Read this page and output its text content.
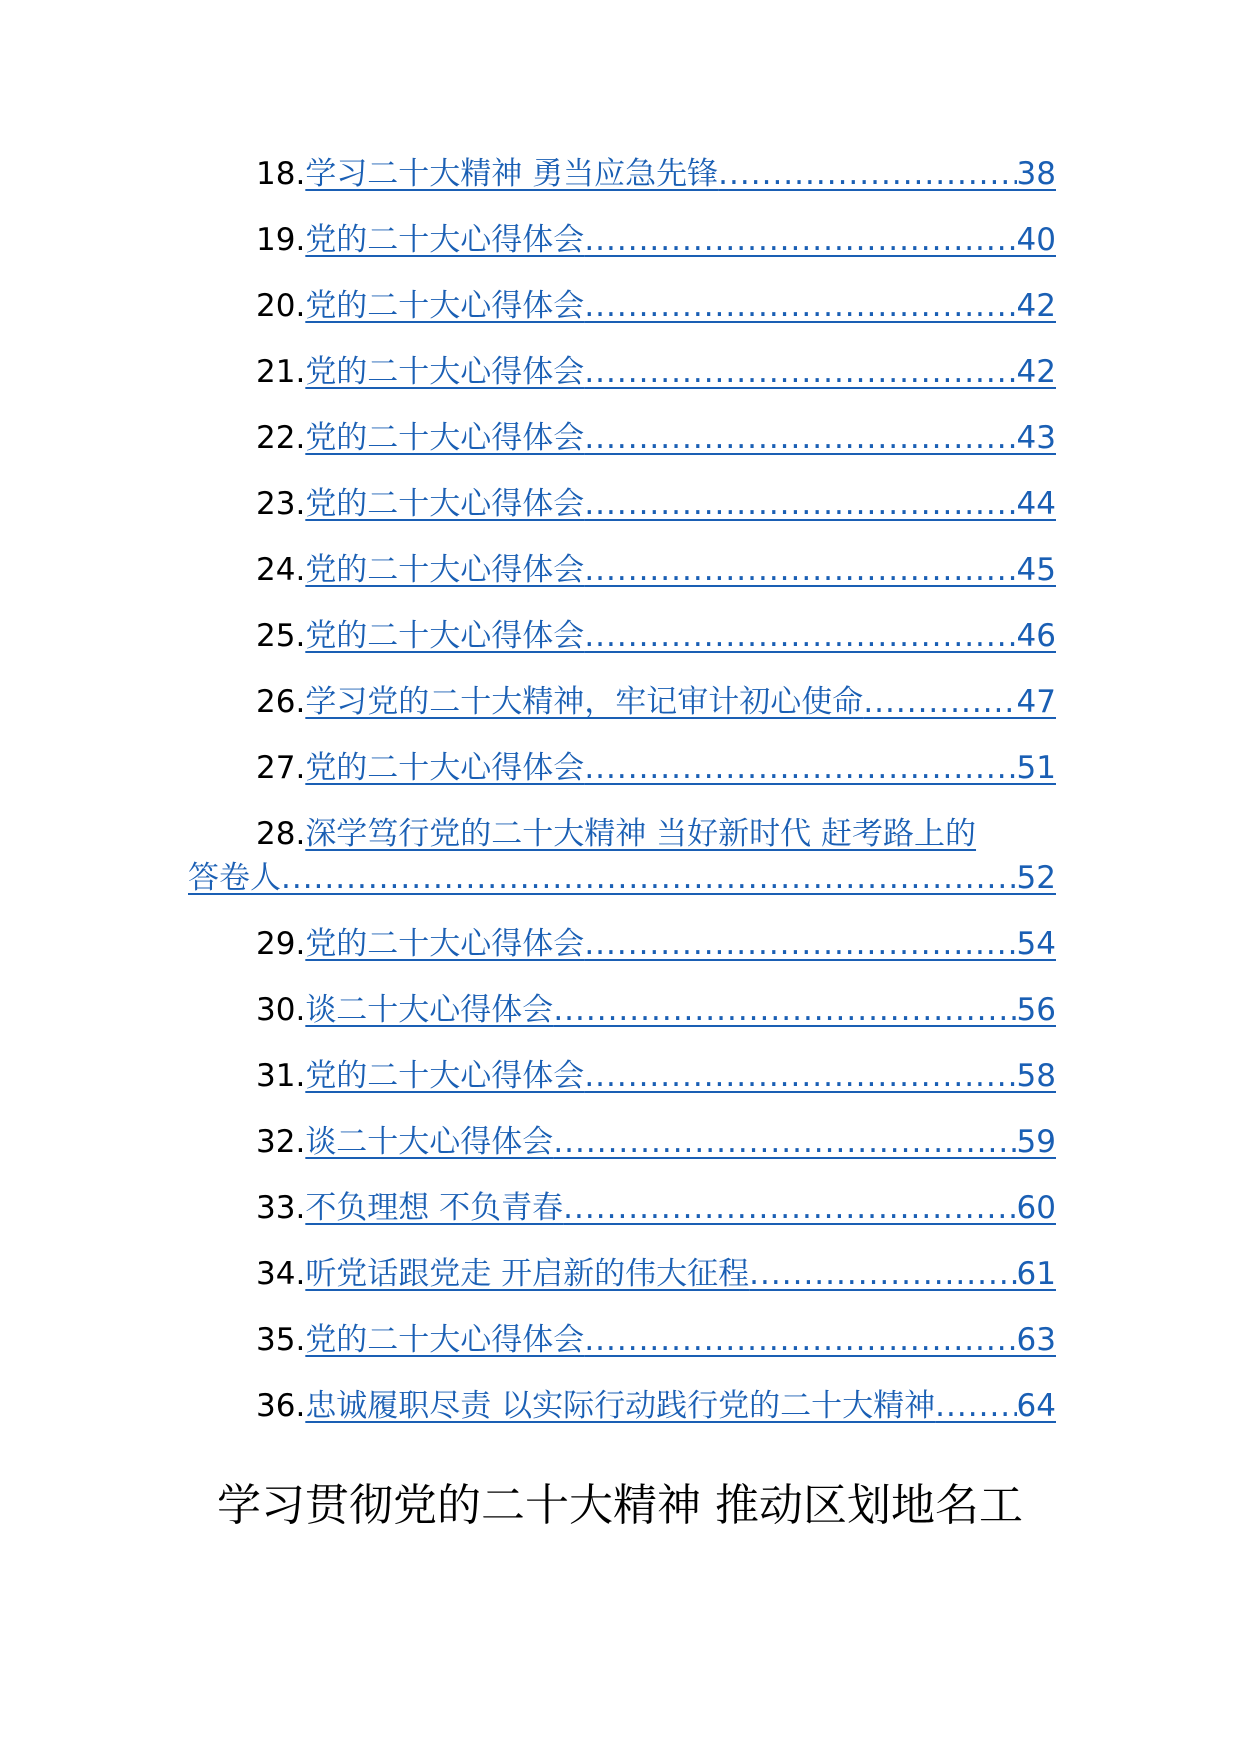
18. 学习二十大精神 勇当应急先锋 .....	38
19. 党的二十大心得体会 .....	40
20. 党的二十大心得体会 .....	42
21. 党的二十大心得体会 .....	42
22. 党的二十大心得体会 .....	43
23. 党的二十大心得体会 .....	44
24. 党的二十大心得体会 .....	45
25. 党的二十大心得体会 .....	46
26. 学习党的二十大精神，牢记审计初心使命 .....	47
27. 党的二十大心得体会 .....	51
28. 深学笃行党的二十大精神 当好新时代 赶考路上的
答卷人 .....	52
29. 党的二十大心得体会 .....	54
30. 谈二十大心得体会 .....	56
31. 党的二十大心得体会 .....	58
32. 谈二十大心得体会 .....	59
33. 不负理想 不负青春 .....	60
34. 听党话跟党走 开启新的伟大征程 .....	61
35. 党的二十大心得体会 .....	63
36. 忠诚履职尽责 以实际行动践行党的二十大精神 .....	64
学习贯彻党的二十大精神 推动区划地名工
